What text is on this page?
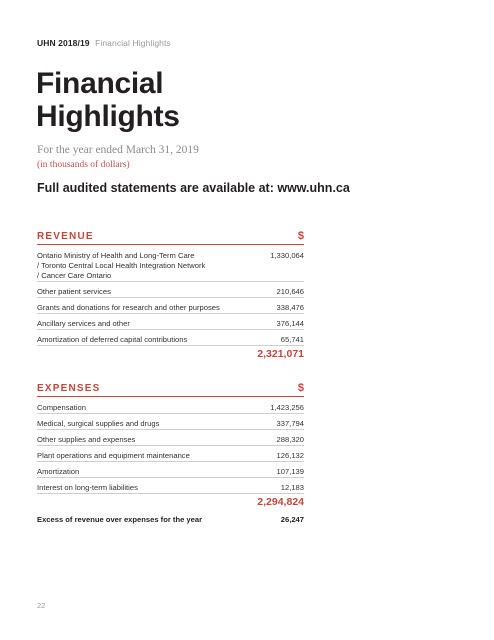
UHN 2018/19 Financial Highlights
Financial
Highlights
For the year ended March 31, 2019
(in thousands of dollars)
Full audited statements are available at: www.uhn.ca
REVENUE	$
Ontario Ministry of Health and Long-Term Care
/ Toronto Central Local Health Integration Network
/ Cancer Care Ontario
1,330,064
Other patient services	210,646
Grants and donations for research and other purposes	338,476
Ancillary services and other	376,144
Amortization of deferred capital contributions	65,741
2,321,071
EXPENSES	$
Compensation	1,423,256
Medical, surgical supplies and drugs	337,794
Other supplies and expenses	288,320
Plant operations and equipment maintenance	126,132
Amortization	107,139
Interest on long-term liabilities	12,183
2,294,824
Excess of revenue over expenses for the year	26,247
22
